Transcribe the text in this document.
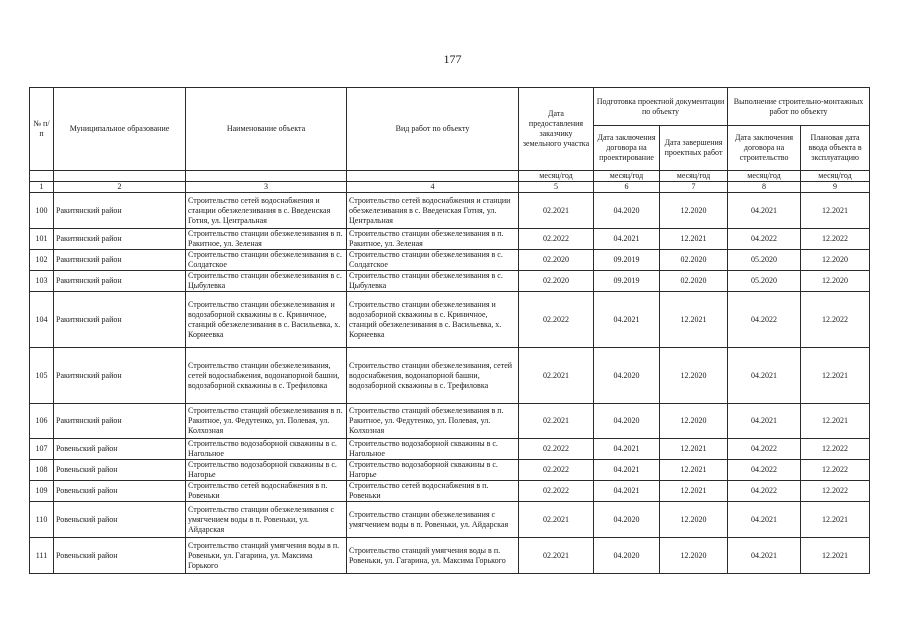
177
№ п/п	Муниципальное образование	Наименование объекта	Вид работ по объекту	Дата предоставления заказчику земельного участка	Подготовка проектной документации по объекту		Выполнение строительно-монтажных работ по объекту	
					Дата заключения договора на проектирование	Дата завершения проектных работ	Дата заключения договора на строительство	Плановая дата ввода объекта в эксплуатацию
				месяц/год	месяц/год	месяц/год	месяц/год	месяц/год
1	2	3	4	5	6	7	8	9
100	Ракитянский район	Строительство сетей водоснабжения и станции обезжелезивания в с. Введенская Готня, ул. Центральная	Строительство сетей водоснабжения и станции обезжелезивания в с. Введенская Готня, ул. Центральная	02.2021	04.2020	12.2020	04.2021	12.2021
101	Ракитянский район	Строительство станции обезжелезивания в п. Ракитное, ул. Зеленая	Строительство станции обезжелезивания в п. Ракитное, ул. Зеленая	02.2022	04.2021	12.2021	04.2022	12.2022
102	Ракитянский район	Строительство станции обезжелезивания в с. Солдатское	Строительство станции обезжелезивания в с. Солдатское	02.2020	09.2019	02.2020	05.2020	12.2020
103	Ракитянский район	Строительство станции обезжелезивания в с. Цыбулевка	Строительство станции обезжелезивания в с. Цыбулевка	02.2020	09.2019	02.2020	05.2020	12.2020
104	Ракитянский район	Строительство станции обезжелезивания и водозаборной скважины в с. Криничное, станций обезжелезивания в с. Васильевка, х. Корнеевка	Строительство станции обезжелезивания и водозаборной скважины в с. Криничное, станций обезжелезивания в с. Васильевка, х. Корнеевка	02.2022	04.2021	12.2021	04.2022	12.2022
105	Ракитянский район	Строительство станции обезжелезивания, сетей водоснабжения, водонапорной башни, водозаборной скважины в с. Трефиловка	Строительство станции обезжелезивания, сетей водоснабжения, водонапорной башни, водозаборной скважины в с. Трефиловка	02.2021	04.2020	12.2020	04.2021	12.2021
106	Ракитянский район	Строительство станций обезжелезивания в п. Ракитное, ул. Федутенко, ул. Полевая, ул. Колхозная	Строительство станций обезжелезивания в п. Ракитное, ул. Федутенко, ул. Полевая, ул. Колхозная	02.2021	04.2020	12.2020	04.2021	12.2021
107	Ровеньский район	Строительство водозаборной скважины в с. Нагольное	Строительство водозаборной скважины в с. Нагольное	02.2022	04.2021	12.2021	04.2022	12.2022
108	Ровеньский район	Строительство водозаборной скважины в с. Нагорье	Строительство водозаборной скважины в с. Нагорье	02.2022	04.2021	12.2021	04.2022	12.2022
109	Ровеньский район	Строительство сетей водоснабжения в п. Ровеньки	Строительство сетей водоснабжения в п. Ровеньки	02.2022	04.2021	12.2021	04.2022	12.2022
110	Ровеньский район	Строительство станции обезжелезивания с умягчением воды в п. Ровеньки, ул. Айдарская	Строительство станции обезжелезивания с умягчением воды в п. Ровеньки, ул. Айдарская	02.2021	04.2020	12.2020	04.2021	12.2021
111	Ровеньский район	Строительство станций умягчения воды в п. Ровеньки, ул. Гагарина, ул. Максима Горького	Строительство станций умягчения воды в п. Ровеньки, ул. Гагарина, ул. Максима Горького	02.2021	04.2020	12.2020	04.2021	12.2021
